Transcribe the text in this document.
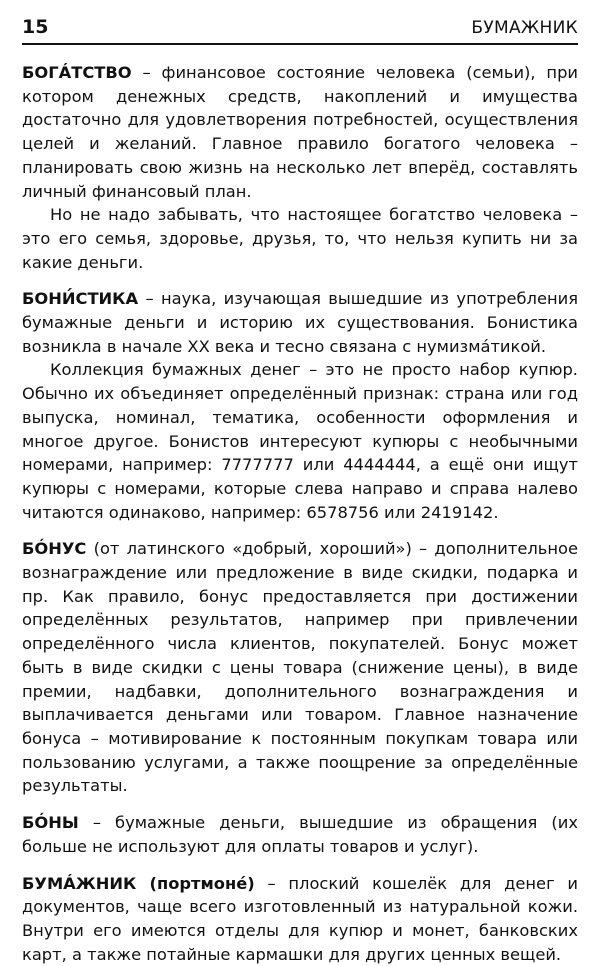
15	БУМАЖНИК

БОГÁТСТВО – финансовое состояние человека (семьи), при котором денежных средств, накоплений и имущества достаточно для удовлетворения потребностей, осуществления целей и желаний. Главное правило богатого человека – планировать свою жизнь на несколько лет вперёд, составлять личный финансовый план.

Но не надо забывать, что настоящее богатство человека – это его семья, здоровье, друзья, то, что нельзя купить ни за какие деньги.

БОНИ́СТИКА – наука, изучающая вышедшие из употребления бумажные деньги и историю их существования. Бонистика возникла в начале XX века и тесно связана с нумизмáтикой.

Коллекция бумажных денег – это не просто набор купюр. Обычно их объединяет определённый признак: страна или год выпуска, номинал, тематика, особенности оформления и многое другое. Бонистов интересуют купюры с необычными номерами, например: 7777777 или 4444444, а ещё они ищут купюры с номерами, которые слева направо и справа налево читаются одинаково, например: 6578756 или 2419142.

БÓНУС (от латинского «добрый, хороший») – дополнительное вознаграждение или предложение в виде скидки, подарка и пр. Как правило, бонус предоставляется при достижении определённых результатов, например при привлечении определённого числа клиентов, покупателей. Бонус может быть в виде скидки с цены товара (снижение цены), в виде премии, надбавки, дополнительного вознаграждения и выплачивается деньгами или товаром. Главное назначение бонуса – мотивирование к постоянным покупкам товара или пользованию услугами, а также поощрение за определённые результаты.

БÓНЫ – бумажные деньги, вышедшие из обращения (их больше не используют для оплаты товаров и услуг).

БУМÁЖНИК (портмонé) – плоский кошелёк для денег и документов, чаще всего изготовленный из натуральной кожи. Внутри его имеются отделы для купюр и монет, банковских карт, а также потайные кармашки для других ценных вещей.
